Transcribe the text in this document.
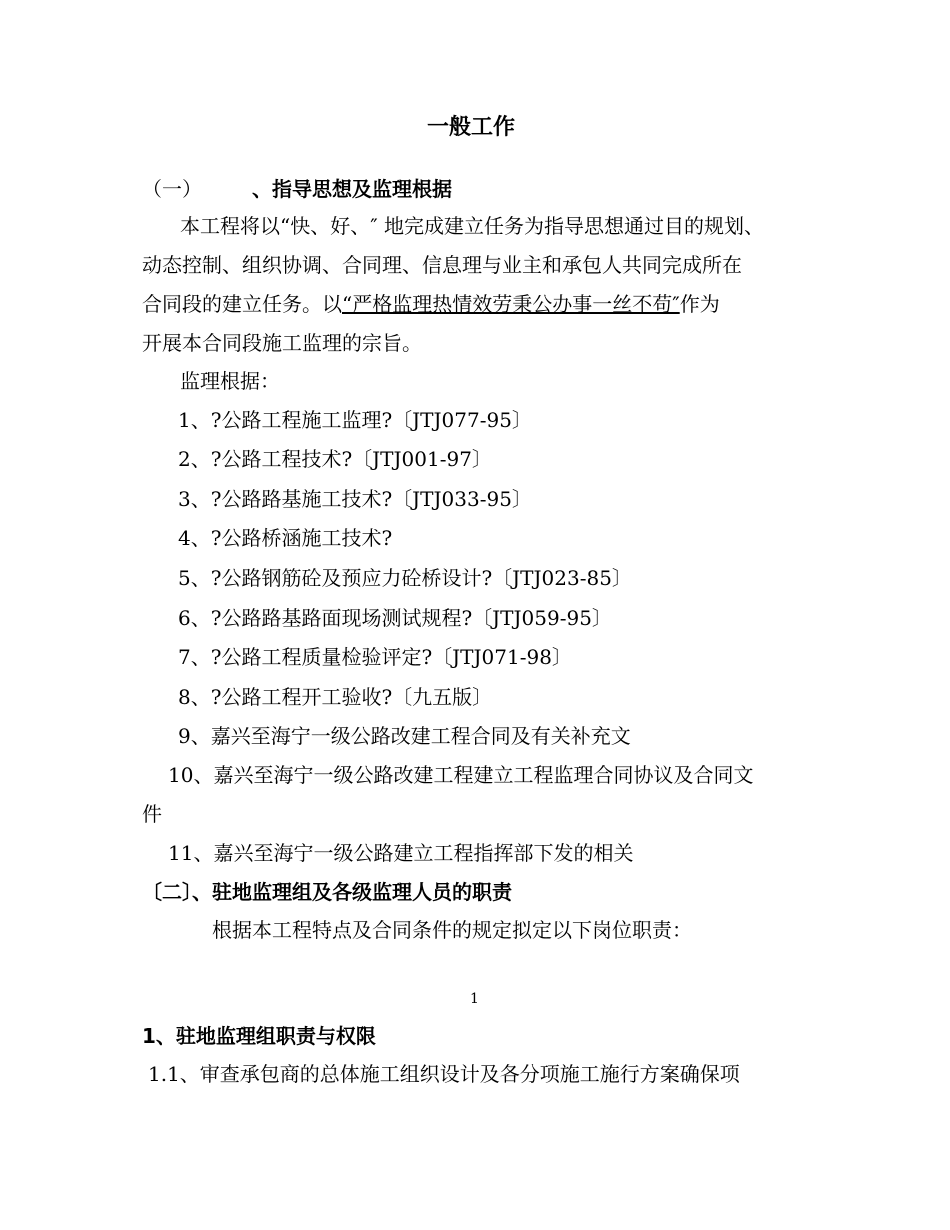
一般工作
（一）	、指导思想及监理根据
本工程将以“快、好、″ 地完成建立任务为指导思想通过目的规划、
动态控制、组织协调、合同理、信息理与业主和承包人共同完成所在
合同段的建立任务。以“严格监理热情效劳秉公办事一丝不苟″作为
开展本合同段施工监理的宗旨。
监理根据：
1、?公路工程施工监理?〔JTJ077-95〕
2、?公路工程技术?〔JTJ001-97〕
3、?公路路基施工技术?〔JTJ033-95〕
4、?公路桥涵施工技术?
5、?公路钢筋砼及预应力砼桥设计?〔JTJ023-85〕
6、?公路路基路面现场测试规程?〔JTJ059-95〕
7、?公路工程质量检验评定?〔JTJ071-98〕
8、?公路工程开工验收?〔九五版〕
9、嘉兴至海宁一级公路改建工程合同及有关补充文
10、嘉兴至海宁一级公路改建工程建立工程监理合同协议及合同文
件
11、嘉兴至海宁一级公路建立工程指挥部下发的相关
〔二〕、驻地监理组及各级监理人员的职责
根据本工程特点及合同条件的规定拟定以下岗位职责：
1
1、驻地监理组职责与权限
1.1、审查承包商的总体施工组织设计及各分项施工施行方案确保项
